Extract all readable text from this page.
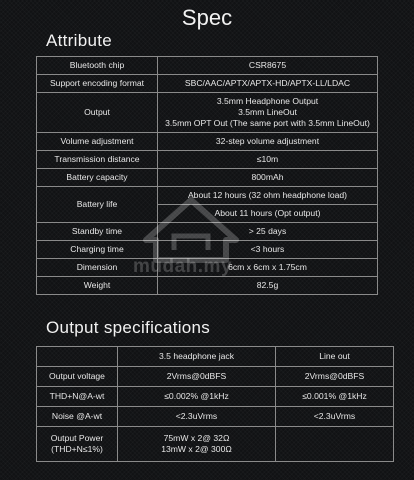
Spec
Attribute
Bluetooth chip	CSR8675
Support encoding format	SBC/AAC/APTX/APTX-HD/APTX-LL/LDAC
Output	3.5mm Headphone Output
3.5mm LineOut
3.5mm OPT Out (The same port with 3.5mm LineOut)

Volume adjustment	32-step volume adjustment
Transmission distance	≤10m
Battery capacity	800mAh
Battery life	About 12 hours (32 ohm headphone load)
	About 11 hours (Opt output)
Standby time	> 25 days
Charging time	<3 hours
Dimension	6cm x 6cm x 1.75cm
Weight	82.5g
Output specifications
	3.5 headphone jack	Line out
Output voltage	2Vrms@0dBFS	2Vrms@0dBFS
THD+N@A-wt	≤0.002% @1kHz	≤0.001% @1kHz
Noise @A-wt	<2.3uVrms	<2.3uVrms

Output Power
(THD+N≤1%)	75mW x 2@ 32Ω
13mW x 2@ 300Ω	

mudah.my
